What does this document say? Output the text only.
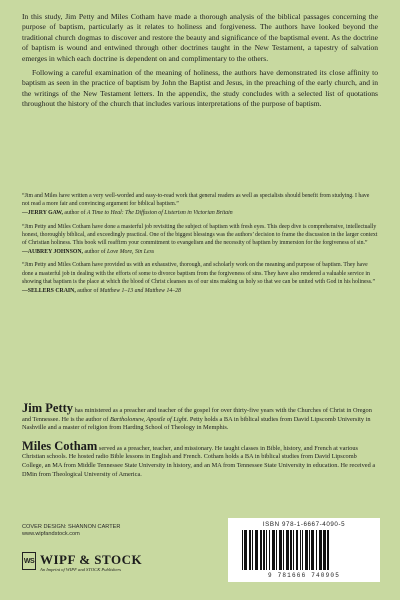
In this study, Jim Petty and Miles Cotham have made a thorough analysis of the biblical passages concerning the purpose of baptism, particularly as it relates to holiness and forgiveness. The authors have looked beyond the traditional church dogmas to discover and restore the beauty and significance of the baptismal event. As the doctrine of baptism is wound and entwined through other doctrines taught in the New Testament, a tapestry of salvation emerges in which each doctrine is dependent on and complimentary to the others.

Following a careful examination of the meaning of holiness, the authors have demonstrated its close affinity to baptism as seen in the practice of baptism by John the Baptist and Jesus, in the preaching of the early church, and in the writings of the New Testament letters. In the appendix, the study concludes with a selected list of quotations throughout the history of the church that includes various interpretations of the purpose of baptism.

“Jim and Miles have written a very well-worded and easy-to-read work that general readers as well as specialists should benefit from studying. I have not read a more fair and convincing argument for biblical baptism.”
—JERRY GAW, author of A Time to Heal: The Diffusion of Listerism in Victorian Britain
“Jim Petty and Miles Cotham have done a masterful job revisiting the subject of baptism with fresh eyes. This deep dive is comprehensive, intellectually honest, thoroughly biblical, and exceedingly practical. One of the biggest blessings was the authors’ decision to frame the discussion in the larger context of Christian holiness. This book will reaffirm your commitment to evangelism and the necessity of baptism by immersion for the forgiveness of sin.”
—AUBREY JOHNSON, author of Love More, Sin Less
“Jim Petty and Miles Cotham have provided us with an exhaustive, thorough, and scholarly work on the meaning and purpose of baptism. They have done a masterful job in dealing with the efforts of some to divorce baptism from the forgiveness of sins. They have also rendered a valuable service in showing that baptism is the place at which the blood of Christ cleanses us of our sins making us holy so that we can be united with God in his holiness.”
—SELLERS CRAIN, author of Matthew 1–13 and Matthew 14–28

Jim Petty has ministered as a preacher and teacher of the gospel for over thirty-five years with the Churches of Christ in Oregon and Tennessee. He is the author of Bartholomew, Apostle of Light. Petty holds a BA in biblical studies from David Lipscomb University in Nashville and a master of religion from Harding School of Theology in Memphis.

Miles Cotham served as a preacher, teacher, and missionary. He taught classes in Bible, history, and French at various Christian schools. He hosted radio Bible lessons in English and French. Cotham holds a BA in biblical studies from David Lipscomb College, an MA from Middle Tennessee State University in history, and an MA from Tennessee State University in education. He received a DMin from Theological University of America.

COVER DESIGN: SHANNON CARTER
www.wipfandstock.com
WS WIPF & STOCK
An Imprint of WIPF and STOCK Publishers
ISBN 978-1-6667-4090-5
9 781666 740905
